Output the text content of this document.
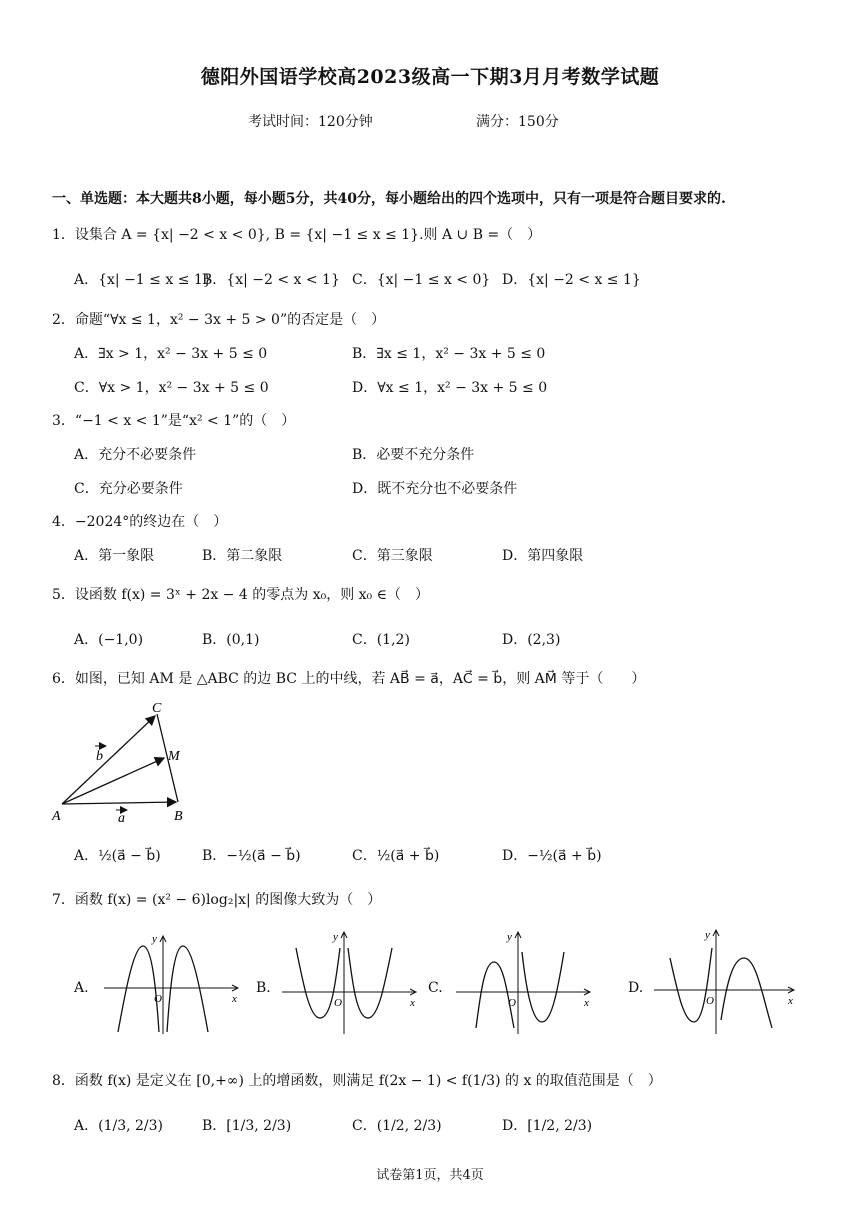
德阳外国语学校高2023级高一下期3月月考数学试题
考试时间：120分钟	满分：150分
一、单选题：本大题共8小题，每小题5分，共40分，每小题给出的四个选项中，只有一项是符合题目要求的.
1．设集合 A = {x| −2 < x < 0}, B = {x| −1 ≤ x ≤ 1}.则 A ∪ B =（　）
A．{x| −1 ≤ x ≤ 1}
B．{x| −2 < x < 1} C．{x| −1 ≤ x < 0} D．{x| −2 < x ≤ 1}
2．命题“∀x ≤ 1，x² − 3x + 5 > 0”的否定是（　）
A．∃x > 1，x² − 3x + 5 ≤ 0	B．∃x ≤ 1，x² − 3x + 5 ≤ 0
C．∀x > 1，x² − 3x + 5 ≤ 0	D．∀x ≤ 1，x² − 3x + 5 ≤ 0
3．“−1 < x < 1”是“x² < 1”的（　）
A．充分不必要条件	B．必要不充分条件
C．充分必要条件	D．既不充分也不必要条件
4．−2024°的终边在（　）
A．第一象限	B．第二象限	C．第三象限	D．第四象限
5．设函数 f(x) = 3ˣ + 2x − 4 的零点为 x₀，则 x₀ ∈（　）
A．(−1,0)	B．(0,1)	C．(1,2)	D．(2,3)
6．如图，已知 AM 是 △ABC 的边 BC 上的中线，若 AB⃗ = a⃗，AC⃗ = b⃗，则 AM⃗ 等于（　　）
C
M
A	B
b
a
A．½(a⃗ − b⃗)	B．−½(a⃗ − b⃗)	C．½(a⃗ + b⃗)	D．−½(a⃗ + b⃗)
7．函数 f(x) = (x² − 6)log₂|x| 的图像大致为（　）
A.
y
x
O
B.
y
x
O
C.
y
x
O
D.
y
x
O
8．函数 f(x) 是定义在 [0,+∞) 上的增函数，则满足 f(2x − 1) < f(1/3) 的 x 的取值范围是（　）
A．(1/3, 2/3)	B．[1/3, 2/3)	C．(1/2, 2/3)	D．[1/2, 2/3)
试卷第1页，共4页
